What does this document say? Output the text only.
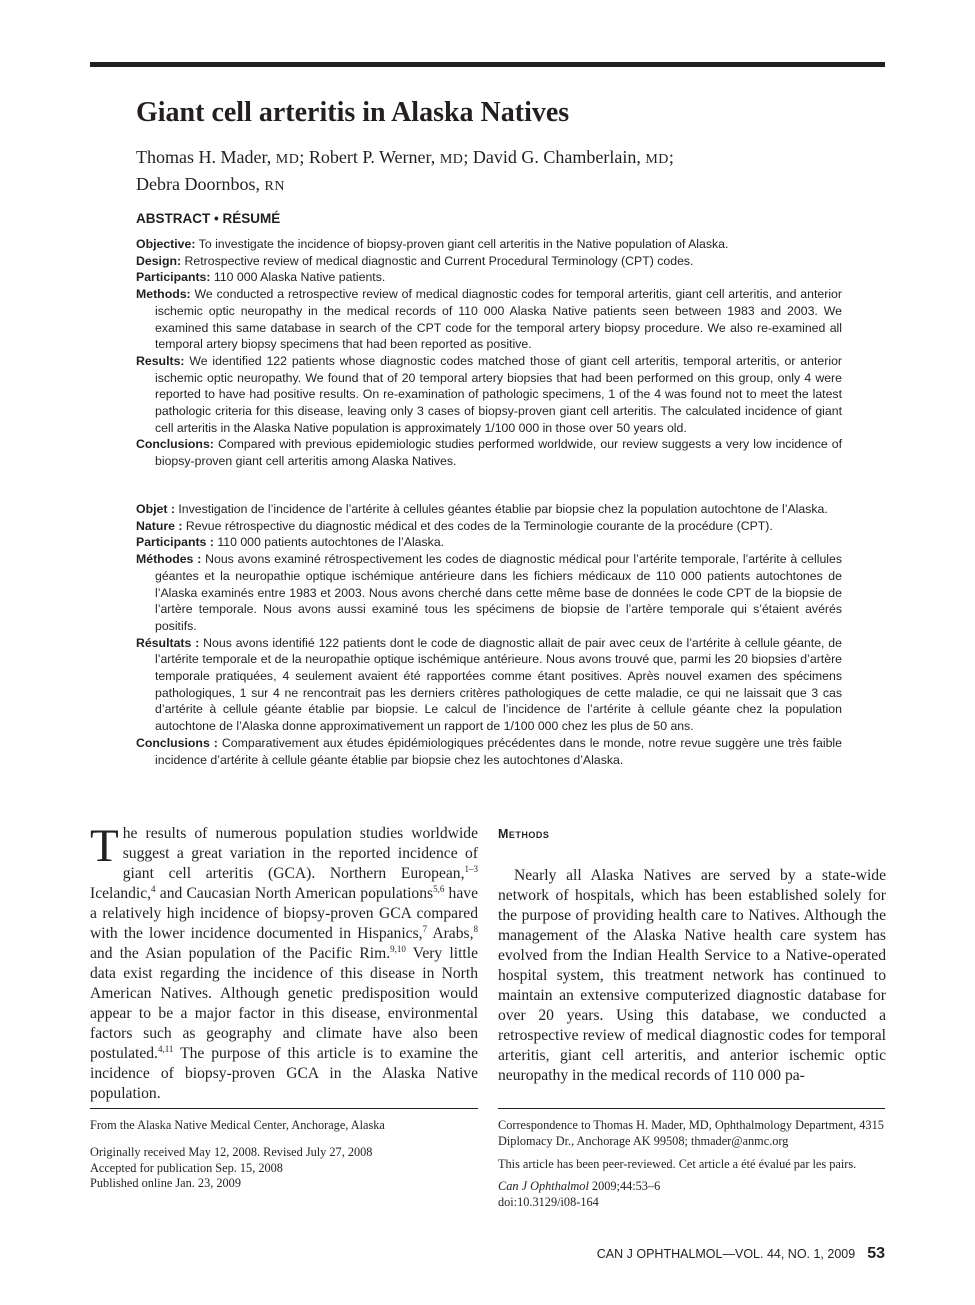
Giant cell arteritis in Alaska Natives
Thomas H. Mader, MD; Robert P. Werner, MD; David G. Chamberlain, MD;
Debra Doornbos, RN
ABSTRACT • RÉSUMÉ

Objective: To investigate the incidence of biopsy-proven giant cell arteritis in the Native population of Alaska.

Design: Retrospective review of medical diagnostic and Current Procedural Terminology (CPT) codes.

Participants: 110 000 Alaska Native patients.

Methods: We conducted a retrospective review of medical diagnostic codes for temporal arteritis, giant cell arteritis, and anterior ischemic optic neuropathy in the medical records of 110 000 Alaska Native patients seen between 1983 and 2003. We examined this same database in search of the CPT code for the temporal artery biopsy procedure. We also re-examined all temporal artery biopsy specimens that had been reported as positive.

Results: We identified 122 patients whose diagnostic codes matched those of giant cell arteritis, temporal arteritis, or anterior ischemic optic neuropathy. We found that of 20 temporal artery biopsies that had been performed on this group, only 4 were reported to have had positive results. On re-examination of pathologic specimens, 1 of the 4 was found not to meet the latest pathologic criteria for this disease, leaving only 3 cases of biopsy-proven giant cell arteritis. The calculated incidence of giant cell arteritis in the Alaska Native population is approximately 1/100 000 in those over 50 years old.

Conclusions: Compared with previous epidemiologic studies performed worldwide, our review suggests a very low incidence of biopsy-proven giant cell arteritis among Alaska Natives.

Objet : Investigation de l’incidence de l’artérite à cellules géantes établie par biopsie chez la population autochtone de l’Alaska.

Nature : Revue rétrospective du diagnostic médical et des codes de la Terminologie courante de la procédure (CPT).

Participants : 110 000 patients autochtones de l’Alaska.

Méthodes : Nous avons examiné rétrospectivement les codes de diagnostic médical pour l’artérite temporale, l’artérite à cellules géantes et la neuropathie optique ischémique antérieure dans les fichiers médicaux de 110 000 patients autochtones de l’Alaska examinés entre 1983 et 2003. Nous avons cherché dans cette même base de données le code CPT de la biopsie de l’artère temporale. Nous avons aussi examiné tous les spécimens de biopsie de l’artère temporale qui s’étaient avérés positifs.

Résultats : Nous avons identifié 122 patients dont le code de diagnostic allait de pair avec ceux de l’artérite à cellule géante, de l’artérite temporale et de la neuropathie optique ischémique antérieure. Nous avons trouvé que, parmi les 20 biopsies d’artère temporale pratiquées, 4 seulement avaient été rapportées comme étant positives. Après nouvel examen des spécimens pathologiques, 1 sur 4 ne rencontrait pas les derniers critères pathologiques de cette maladie, ce qui ne laissait que 3 cas d’artérite à cellule géante établie par biopsie. Le calcul de l’incidence de l’artérite à cellule géante chez la population autochtone de l’Alaska donne approximativement un rapport de 1/100 000 chez les plus de 50 ans.

Conclusions : Comparativement aux études épidémiologiques précédentes dans le monde, notre revue suggère une très faible incidence d’artérite à cellule géante établie par biopsie chez les autochtones d’Alaska.

The results of numerous population studies worldwide suggest a great variation in the reported incidence of giant cell arteritis (GCA). Northern European,$^{1-3}$ Icelandic,$^4$ and Caucasian North American populations$^{5,6}$ have a relatively high incidence of biopsy-proven GCA compared with the lower incidence documented in Hispanics,$^7$ Arabs,$^8$ and the Asian population of the Pacific Rim.$^{9,10}$ Very little data exist regarding the incidence of this disease in North American Natives. Although genetic predisposition would appear to be a major factor in this disease, environmental factors such as geography and climate have also been postulated.$^{4,11}$ The purpose of this article is to examine the incidence of biopsy-proven GCA in the Alaska Native population.

Methods

Nearly all Alaska Natives are served by a state-wide network of hospitals, which has been established solely for the purpose of providing health care to Natives. Although the management of the Alaska Native health care system has evolved from the Indian Health Service to a Native-operated hospital system, this treatment network has continued to maintain an extensive computerized diagnostic database for over 20 years. Using this database, we conducted a retrospective review of medical diagnostic codes for temporal arteritis, giant cell arteritis, and anterior ischemic optic neuropathy in the medical records of 110 000 pa-

From the Alaska Native Medical Center, Anchorage, Alaska

Originally received May 12, 2008. Revised July 27, 2008

Accepted for publication Sep. 15, 2008

Published online Jan. 23, 2009

Correspondence to Thomas H. Mader, MD, Ophthalmology Department, 4315 Diplomacy Dr., Anchorage AK 99508; thmader@anmc.org

This article has been peer-reviewed. Cet article a été évalué par les pairs.

Can J Ophthalmol 2009;44:53–6

doi:10.3129/i08-164

CAN J OPHTHALMOL—VOL. 44, NO. 1, 2009 53
